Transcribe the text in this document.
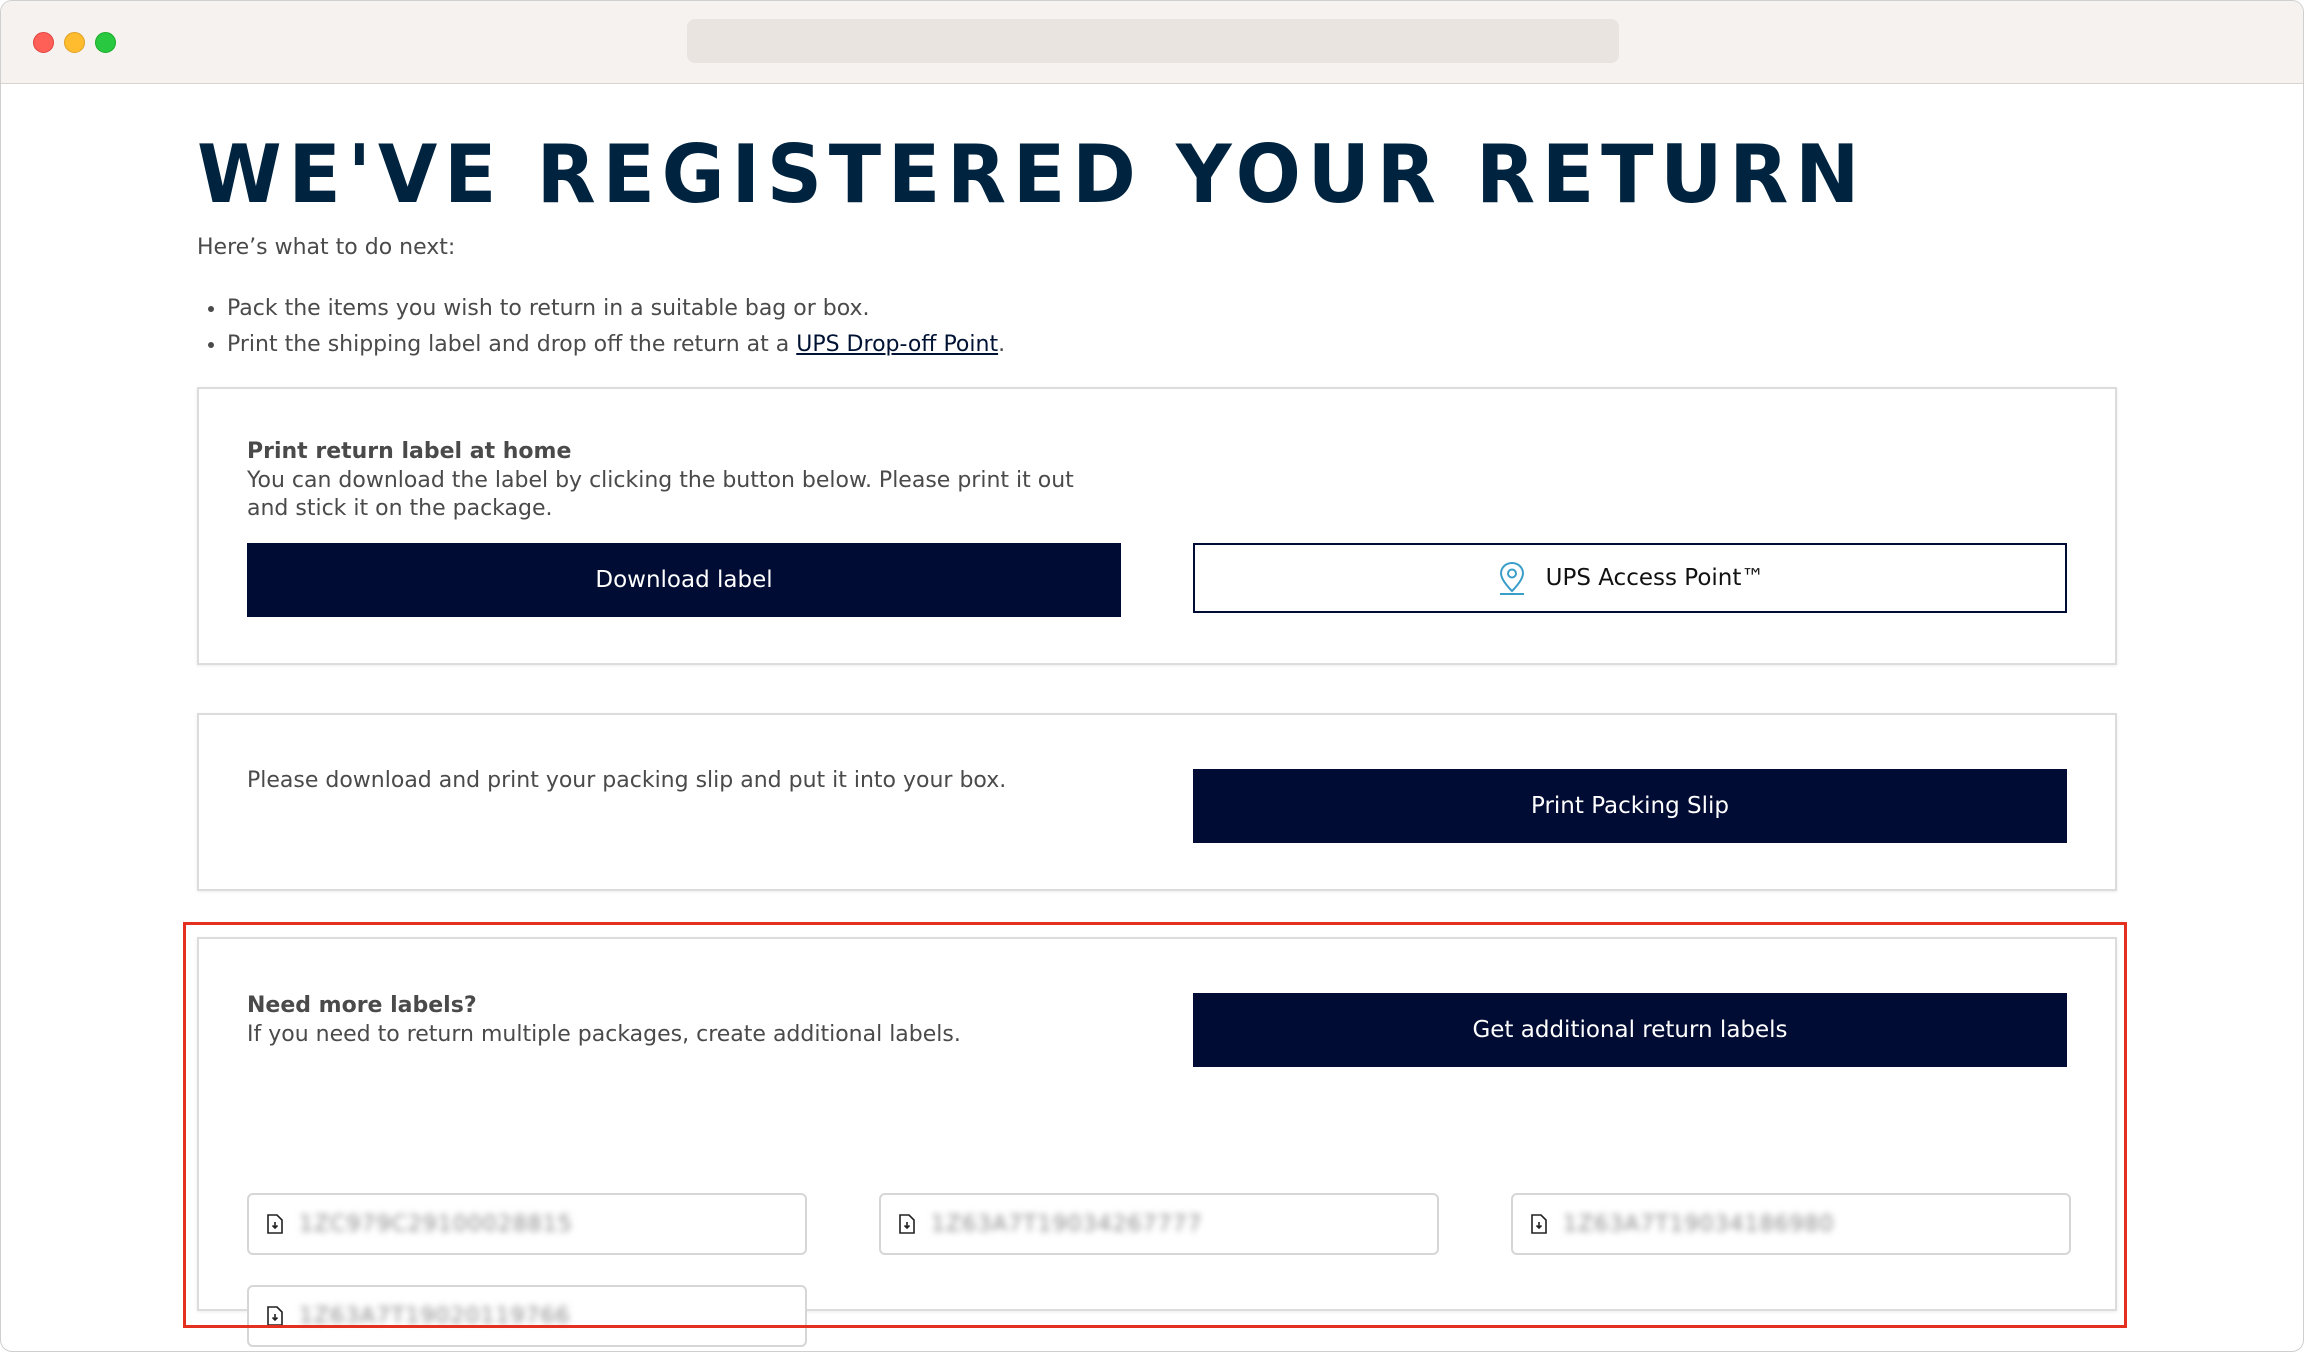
WE'VE REGISTERED YOUR RETURN
Here’s what to do next:
• Pack the items you wish to return in a suitable bag or box.
• Print the shipping label and drop off the return at a UPS Drop-off Point.
Print return label at home
You can download the label by clicking the button below. Please print it out and stick it on the package.
Download label	UPS Access Point™
Please download and print your packing slip and put it into your box.
Print Packing Slip
Need more labels?
If you need to return multiple packages, create additional labels.	Get additional return labels
1ZC979C29100028815	1Z63A7T19034267777	1Z63A7T19034186980
1Z63A7T19020119766
